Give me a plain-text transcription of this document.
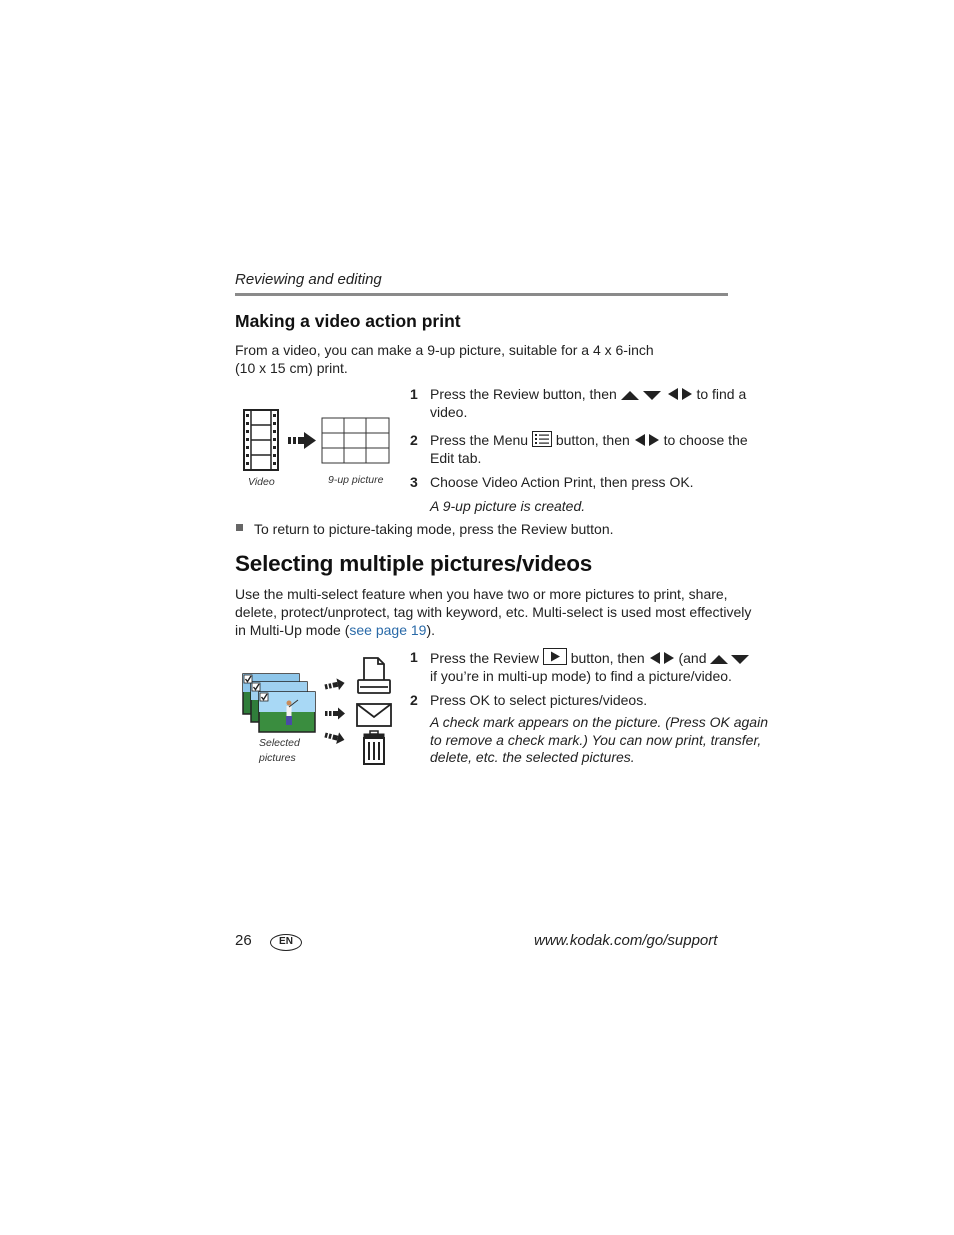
Reviewing and editing
Making a video action print
From a video, you can make a 9-up picture, suitable for a 4 x 6-inch
(10 x 15 cm) print.
Video	9-up picture
1 Press the Review button, then	to find a
video.
2 Press the Menu button, then to choose the
Edit tab.
3 Choose Video Action Print, then press OK.
A 9-up picture is created.
To return to picture-taking mode, press the Review button.
Selecting multiple pictures/videos
Use the multi-select feature when you have two or more pictures to print, share,
delete, protect/unprotect, tag with keyword, etc. Multi-select is used most effectively
in Multi-Up mode (see page 19).
Selected
pictures
1 Press the Review button, then (and
if you’re in multi-up mode) to find a picture/video.
2 Press OK to select pictures/videos.
A check mark appears on the picture. (Press OK again
to remove a check mark.) You can now print, transfer,
delete, etc. the selected pictures.
26	EN	www.kodak.com/go/support
